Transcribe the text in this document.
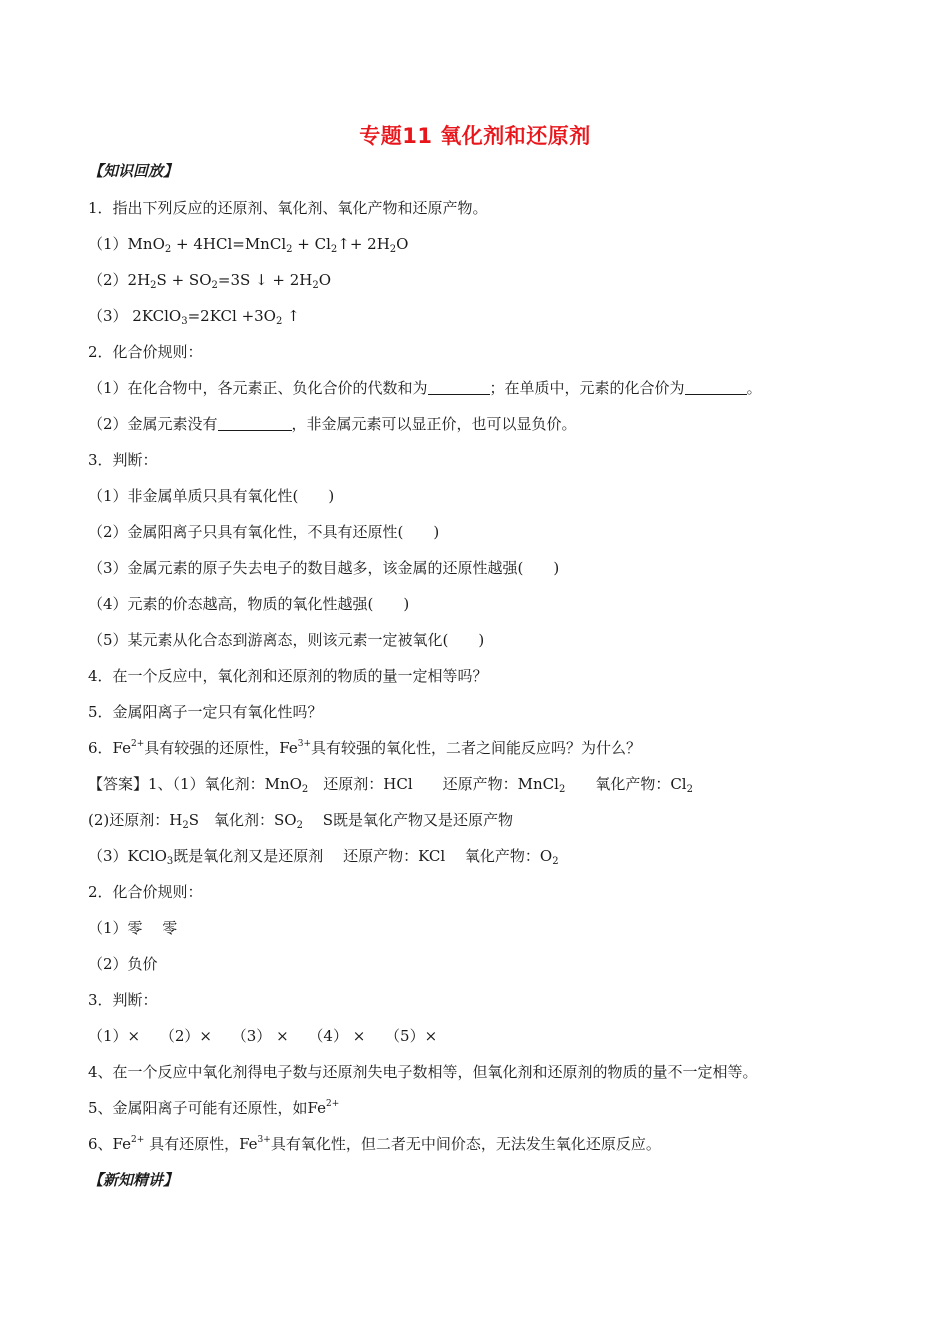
专题11 氧化剂和还原剂
【知识回放】
1．指出下列反应的还原剂、氧化剂、氧化产物和还原产物。
（1）MnO$_2$ + 4HCl=MnCl$_2$ + $Cl_2↑+ 2H_2O$
$(2)2H_2S + SO_2=3S$ ↓ + $2H_2O$
（3） 2KClO$_3$=2KCl $+3O_2$ ↑
2．化合价规则：
（1）在化合物中，各元素正、负化合价的代数和为	；在单质中，元素的化合价为	。
（2）金属元素没有	，非金属元素可以显正价，也可以显负价。
3．判断：
（1）非金属单质只具有氧化性(　　)
（2）金属阳离子只具有氧化性，不具有还原性(　　)
（3）金属元素的原子失去电子的数目越多，该金属的还原性越强(　　)
（4）元素的价态越高，物质的氧化性越强(　　)
（5）某元素从化合态到游离态，则该元素一定被氧化(　　)
4．在一个反应中，氧化剂和还原剂的物质的量一定相等吗？
5．金属阳离子一定只有氧化性吗？
6．$Fe^{2+}$具有较强的还原性，$Fe^{3+}$具有较强的氧化性，二者之间能反应吗？为什么？
【答案】1、（1）氧化剂：MnO$_2$　还原剂：HCl　　还原产物：MnCl$_2$　　氧化产物：$Cl_2$
(2)还原剂：$H_2S$　氧化剂：$SO_2$　 S既是氧化产物又是还原产物
（3）KClO$_3$既是氧化剂又是还原剂　 还原产物：KCl　 氧化产物：$O_2$
2．化合价规则：
（1）零　 零
（2）负价
3．判断：
（1）×　 （2）×　 （3） ×　 （4） ×　 （5）×
4、在一个反应中氧化剂得电子数与还原剂失电子数相等，但氧化剂和还原剂的物质的量不一定相等。
5、金属阳离子可能有还原性，如$Fe^{2+}$
6、$Fe^{2+}$ 具有还原性，$Fe^{3+}$具有氧化性，但二者无中间价态，无法发生氧化还原反应。
【新知精讲】
